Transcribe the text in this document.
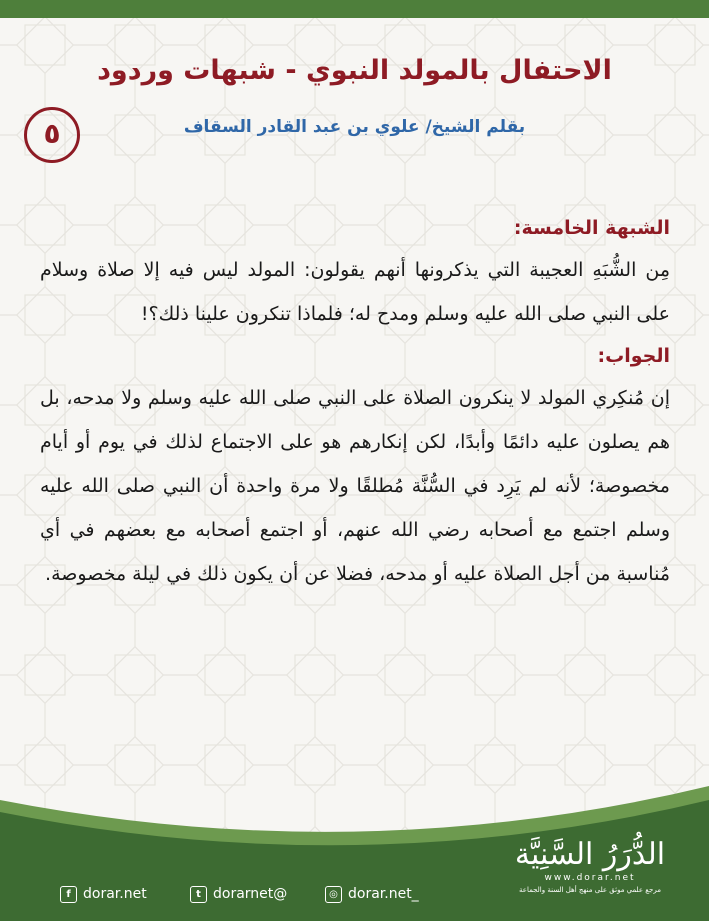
الاحتفال بالمولد النبوي - شبهات وردود
بقلم الشيخ/ علوي بن عبد القادر السقاف
٥
الشبهة الخامسة:

مِن الشُّبَهِ العجيبة التي يذكرونها أنهم يقولون: المولد ليس فيه إلا صلاة وسلام على النبي صلى الله عليه وسلم ومدح له؛ فلماذا تنكرون علينا ذلك؟!

الجواب:

إن مُنكِري المولد لا ينكرون الصلاة على النبي صلى الله عليه وسلم ولا مدحه، بل هم يصلون عليه دائمًا وأبدًا، لكن إنكارهم هو على الاجتماع لذلك في يوم أو أيام مخصوصة؛ لأنه لم يَرِد في السُّنَّة مُطلقًا ولا مرة واحدة أن النبي صلى الله عليه وسلم اجتمع مع أصحابه رضي الله عنهم، أو اجتمع أصحابه مع بعضهم في أي مُناسبة من أجل الصلاة عليه أو مدحه، فضلا عن أن يكون ذلك في ليلة مخصوصة.

f dorar.net	t dorarnet@	◎ dorar.net_
الدُّرَرُ السَّنِيَّة
www.dorar.net
مرجع علمي موثق على منهج أهل السنة والجماعة
